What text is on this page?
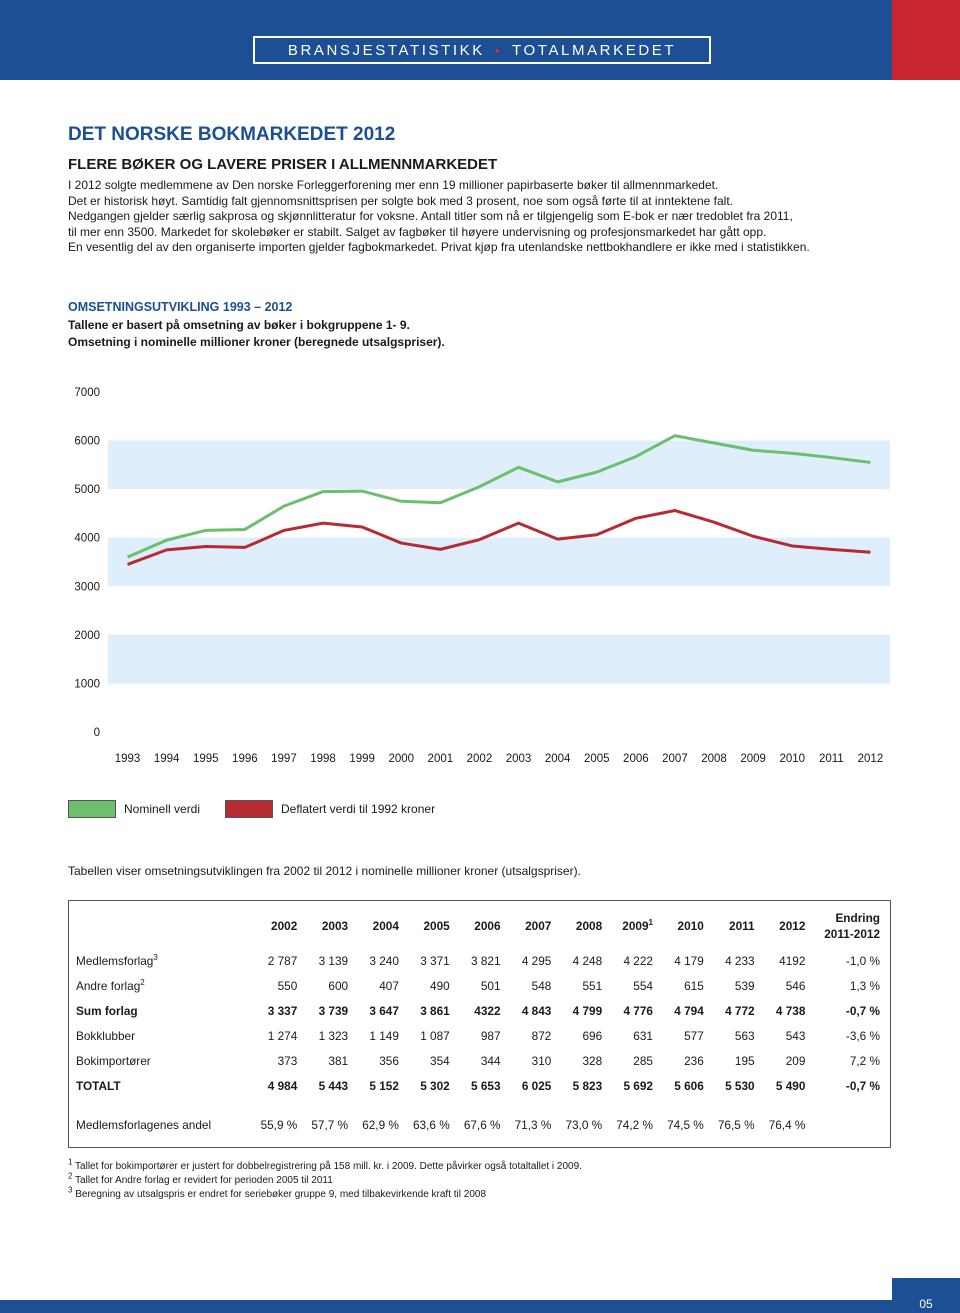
BRANSJESTATISTIKK • TOTALMARKEDET
DET NORSKE BOKMARKEDET 2012
FLERE BØKER OG LAVERE PRISER I ALLMENNMARKEDET

I 2012 solgte medlemmene av Den norske Forleggerforening mer enn 19 millioner papirbaserte bøker til allmennmarkedet.

Det er historisk høyt. Samtidig falt gjennomsnittsprisen per solgte bok med 3 prosent, noe som også førte til at inntektene falt.

Nedgangen gjelder særlig sakprosa og skjønnlitteratur for voksne. Antall titler som nå er tilgjengelig som E-bok er nær tredoblet fra 2011,

til mer enn 3500. Markedet for skolebøker er stabilt. Salget av fagbøker til høyere undervisning og profesjonsmarkedet har gått opp.

En vesentlig del av den organiserte importen gjelder fagbokmarkedet. Privat kjøp fra utenlandske nettbokhandlere er ikke med i statistikken.

OMSETNINGSUTVIKLING 1993 – 2012
Tallene er basert på omsetning av bøker i bokgruppene 1- 9.
Omsetning i nominelle millioner kroner (beregnede utsalgspriser).
0
1000
2000
3000
4000
5000
6000
7000
1993 1994 1995 1996 1997 1998 1999 2000 2001 2002 2003 2004 2005 2006 2007 2008 2009 2010 2011 2012
Nominell verdi	Deflatert verdi til 1992 kroner
Tabellen viser omsetningsutviklingen fra 2002 til 2012 i nominelle millioner kroner (utsalgspriser).
	2002	2003	2004	2005	2006	2007	2008	2009$^1$	2010	2011	2012	Endring
2011-2012

Medlemsforlag$^3$	2 787	3 139	3 240	3 371	3 821	4 295	4 248	4 222	4 179	4 233	4192	-1,0 %
Andre forlag$^2$	550	600	407	490	501	548	551	554	615	539	546	1,3 %
Sum forlag	3 337	3 739	3 647	3 861	4322	4 843	4 799	4 776	4 794	4 772	4 738	-0,7 %
Bokklubber	1 274	1 323	1 149	1 087	987	872	696	631	577	563	543	-3,6 %
Bokimportører	373	381	356	354	344	310	328	285	236	195	209	7,2 %
TOTALT	4 984	5 443	5 152	5 302	5 653	6 025	5 823	5 692	5 606	5 530	5 490	-0,7 %

Medlemsforlagenes andel	55,9 %	57,7 %	62,9 %	63,6 %	67,6 %	71,3 %	73,0 %	74,2 %	74,5 %	76,5 %	76,4 %	

$^1$ Tallet for bokimportører er justert for dobbelregistrering på 158 mill. kr. i 2009. Dette påvirker også totaltallet i 2009.

$^2$ Tallet for Andre forlag er revidert for perioden 2005 til 2011

$^3$ Beregning av utsalgspris er endret for seriebøker gruppe 9, med tilbakevirkende kraft til 2008

05
